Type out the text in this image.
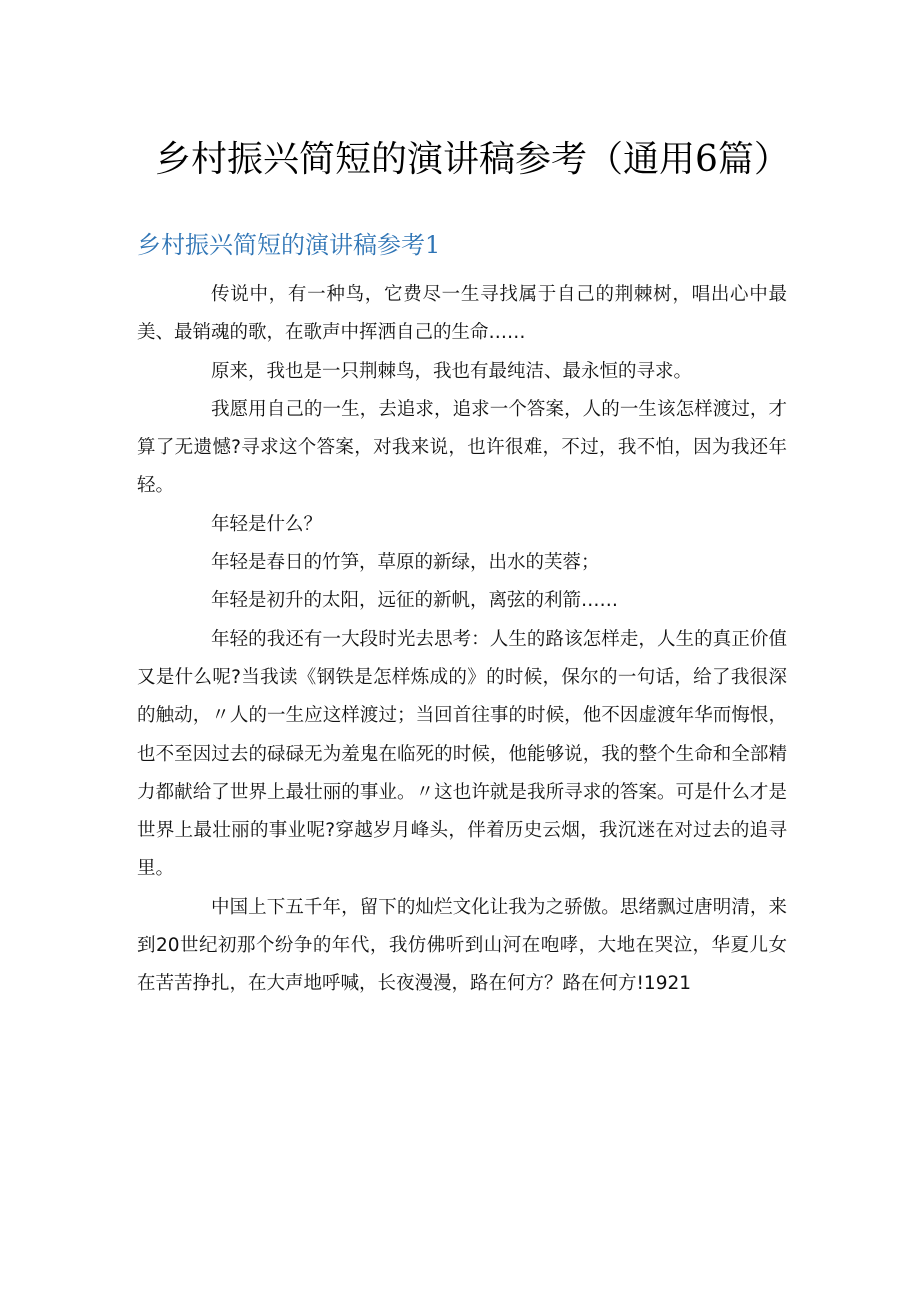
乡村振兴简短的演讲稿参考（通用6篇）
乡村振兴简短的演讲稿参考1

传说中，有一种鸟，它费尽一生寻找属于自己的荆棘树，唱出心中最美、最销魂的歌，在歌声中挥洒自己的生命……

原来，我也是一只荆棘鸟，我也有最纯洁、最永恒的寻求。

我愿用自己的一生，去追求，追求一个答案，人的一生该怎样渡过，才算了无遗憾?寻求这个答案，对我来说，也许很难，不过，我不怕，因为我还年轻。

年轻是什么？

年轻是春日的竹笋，草原的新绿，出水的芙蓉；

年轻是初升的太阳，远征的新帆，离弦的利箭……

年轻的我还有一大段时光去思考：人生的路该怎样走，人生的真正价值又是什么呢?当我读《钢铁是怎样炼成的》的时候，保尔的一句话，给了我很深的触动，〃人的一生应这样渡过；当回首往事的时候，他不因虚渡年华而悔恨，也不至因过去的碌碌无为羞鬼在临死的时候，他能够说，我的整个生命和全部精力都献给了世界上最壮丽的事业。〃这也许就是我所寻求的答案。可是什么才是世界上最壮丽的事业呢?穿越岁月峰头，伴着历史云烟，我沉迷在对过去的追寻里。

中国上下五千年，留下的灿烂文化让我为之骄傲。思绪飘过唐明清，来到20世纪初那个纷争的年代，我仿佛听到山河在咆哮，大地在哭泣，华夏儿女在苦苦挣扎，在大声地呼喊，长夜漫漫，路在何方？路在何方!1921
